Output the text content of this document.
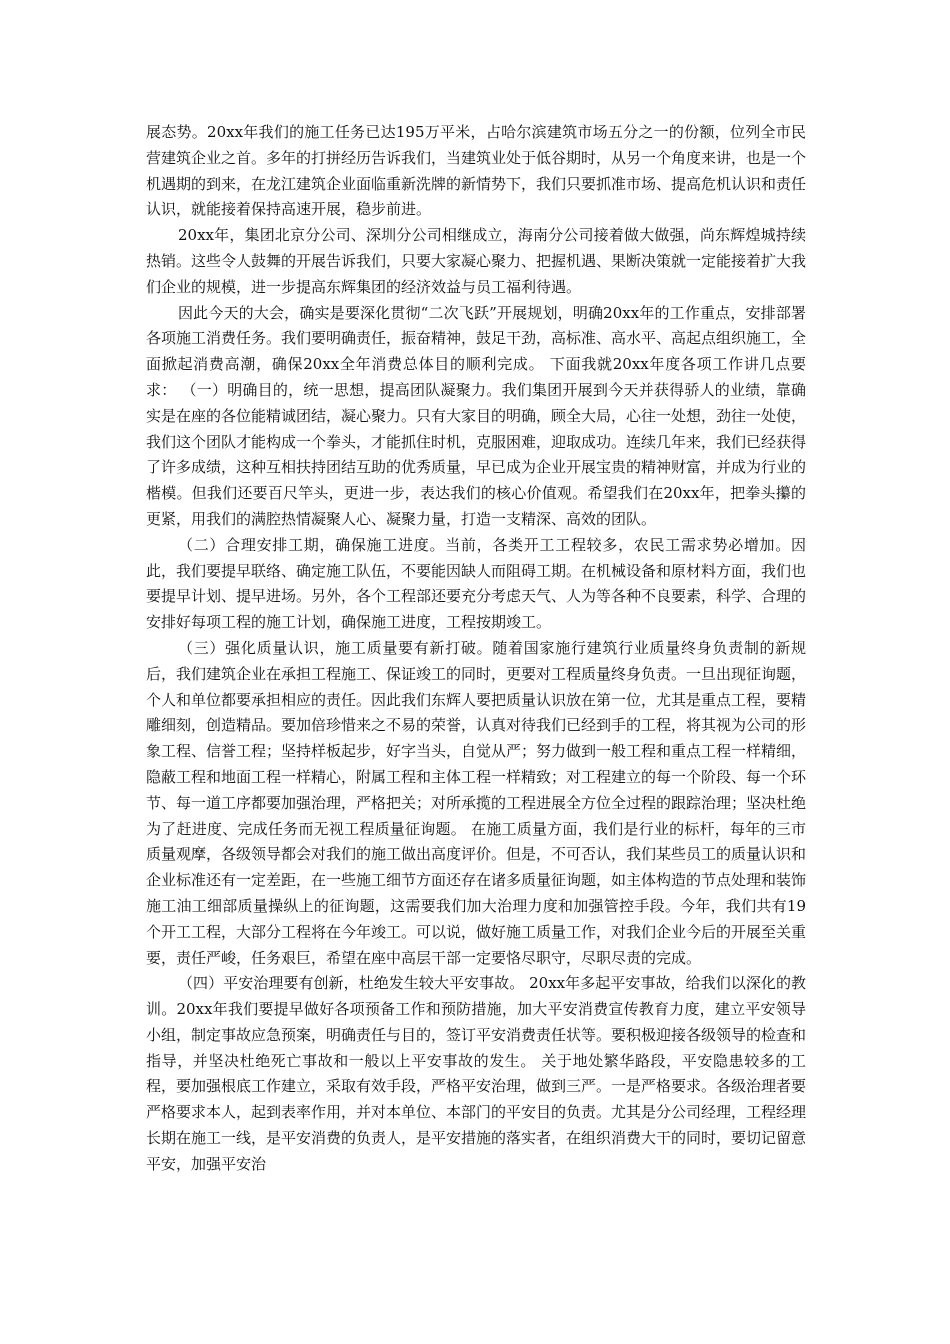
展态势。20xx年我们的施工任务已达195万平米，占哈尔滨建筑市场五分之一的份额，位列全市民营建筑企业之首。多年的打拼经历告诉我们，当建筑业处于低谷期时，从另一个角度来讲，也是一个机遇期的到来，在龙江建筑企业面临重新洗牌的新情势下，我们只要抓准市场、提高危机认识和责任认识，就能接着保持高速开展，稳步前进。

20xx年，集团北京分公司、深圳分公司相继成立，海南分公司接着做大做强，尚东辉煌城持续热销。这些令人鼓舞的开展告诉我们，只要大家凝心聚力、把握机遇、果断决策就一定能接着扩大我们企业的规模，进一步提高东辉集团的经济效益与员工福利待遇。

因此今天的大会，确实是要深化贯彻“二次飞跃”开展规划，明确20xx年的工作重点，安排部署各项施工消费任务。我们要明确责任，振奋精神，鼓足干劲，高标准、高水平、高起点组织施工，全面掀起消费高潮，确保20xx全年消费总体目的顺利完成。 下面我就20xx年度各项工作讲几点要求： （一）明确目的，统一思想，提高团队凝聚力。我们集团开展到今天并获得骄人的业绩，靠确实是在座的各位能精诚团结，凝心聚力。只有大家目的明确，顾全大局，心往一处想，劲往一处使，我们这个团队才能构成一个拳头，才能抓住时机，克服困难，迎取成功。连续几年来，我们已经获得了许多成绩，这种互相扶持团结互助的优秀质量，早已成为企业开展宝贵的精神财富，并成为行业的楷模。但我们还要百尺竿头，更进一步，表达我们的核心价值观。希望我们在20xx年，把拳头攥的更紧，用我们的满腔热情凝聚人心、凝聚力量，打造一支精深、高效的团队。

（二）合理安排工期，确保施工进度。当前，各类开工工程较多，农民工需求势必增加。因此，我们要提早联络、确定施工队伍，不要能因缺人而阻碍工期。在机械设备和原材料方面，我们也要提早计划、提早进场。另外，各个工程部还要充分考虑天气、人为等各种不良要素，科学、合理的安排好每项工程的施工计划，确保施工进度，工程按期竣工。

（三）强化质量认识，施工质量要有新打破。随着国家施行建筑行业质量终身负责制的新规后，我们建筑企业在承担工程施工、保证竣工的同时，更要对工程质量终身负责。一旦出现征询题，个人和单位都要承担相应的责任。因此我们东辉人要把质量认识放在第一位，尤其是重点工程，要精雕细刻，创造精品。要加倍珍惜来之不易的荣誉，认真对待我们已经到手的工程，将其视为公司的形象工程、信誉工程；坚持样板起步，好字当头，自觉从严；努力做到一般工程和重点工程一样精细，隐蔽工程和地面工程一样精心，附属工程和主体工程一样精致；对工程建立的每一个阶段、每一个环节、每一道工序都要加强治理，严格把关；对所承揽的工程进展全方位全过程的跟踪治理；坚决杜绝为了赶进度、完成任务而无视工程质量征询题。 在施工质量方面，我们是行业的标杆，每年的三市质量观摩，各级领导都会对我们的施工做出高度评价。但是，不可否认，我们某些员工的质量认识和企业标准还有一定差距，在一些施工细节方面还存在诸多质量征询题，如主体构造的节点处理和装饰施工油工细部质量操纵上的征询题，这需要我们加大治理力度和加强管控手段。今年，我们共有19个开工工程，大部分工程将在今年竣工。可以说，做好施工质量工作，对我们企业今后的开展至关重要，责任严峻，任务艰巨，希望在座中高层干部一定要恪尽职守，尽职尽责的完成。

（四）平安治理要有创新，杜绝发生较大平安事故。 20xx年多起平安事故，给我们以深化的教训。20xx年我们要提早做好各项预备工作和预防措施，加大平安消费宣传教育力度，建立平安领导小组，制定事故应急预案，明确责任与目的，签订平安消费责任状等。要积极迎接各级领导的检查和指导，并坚决杜绝死亡事故和一般以上平安事故的发生。 关于地处繁华路段，平安隐患较多的工程，要加强根底工作建立，采取有效手段，严格平安治理，做到三严。一是严格要求。各级治理者要严格要求本人，起到表率作用，并对本单位、本部门的平安目的负责。尤其是分公司经理，工程经理长期在施工一线，是平安消费的负责人，是平安措施的落实者，在组织消费大干的同时，要切记留意平安，加强平安治
